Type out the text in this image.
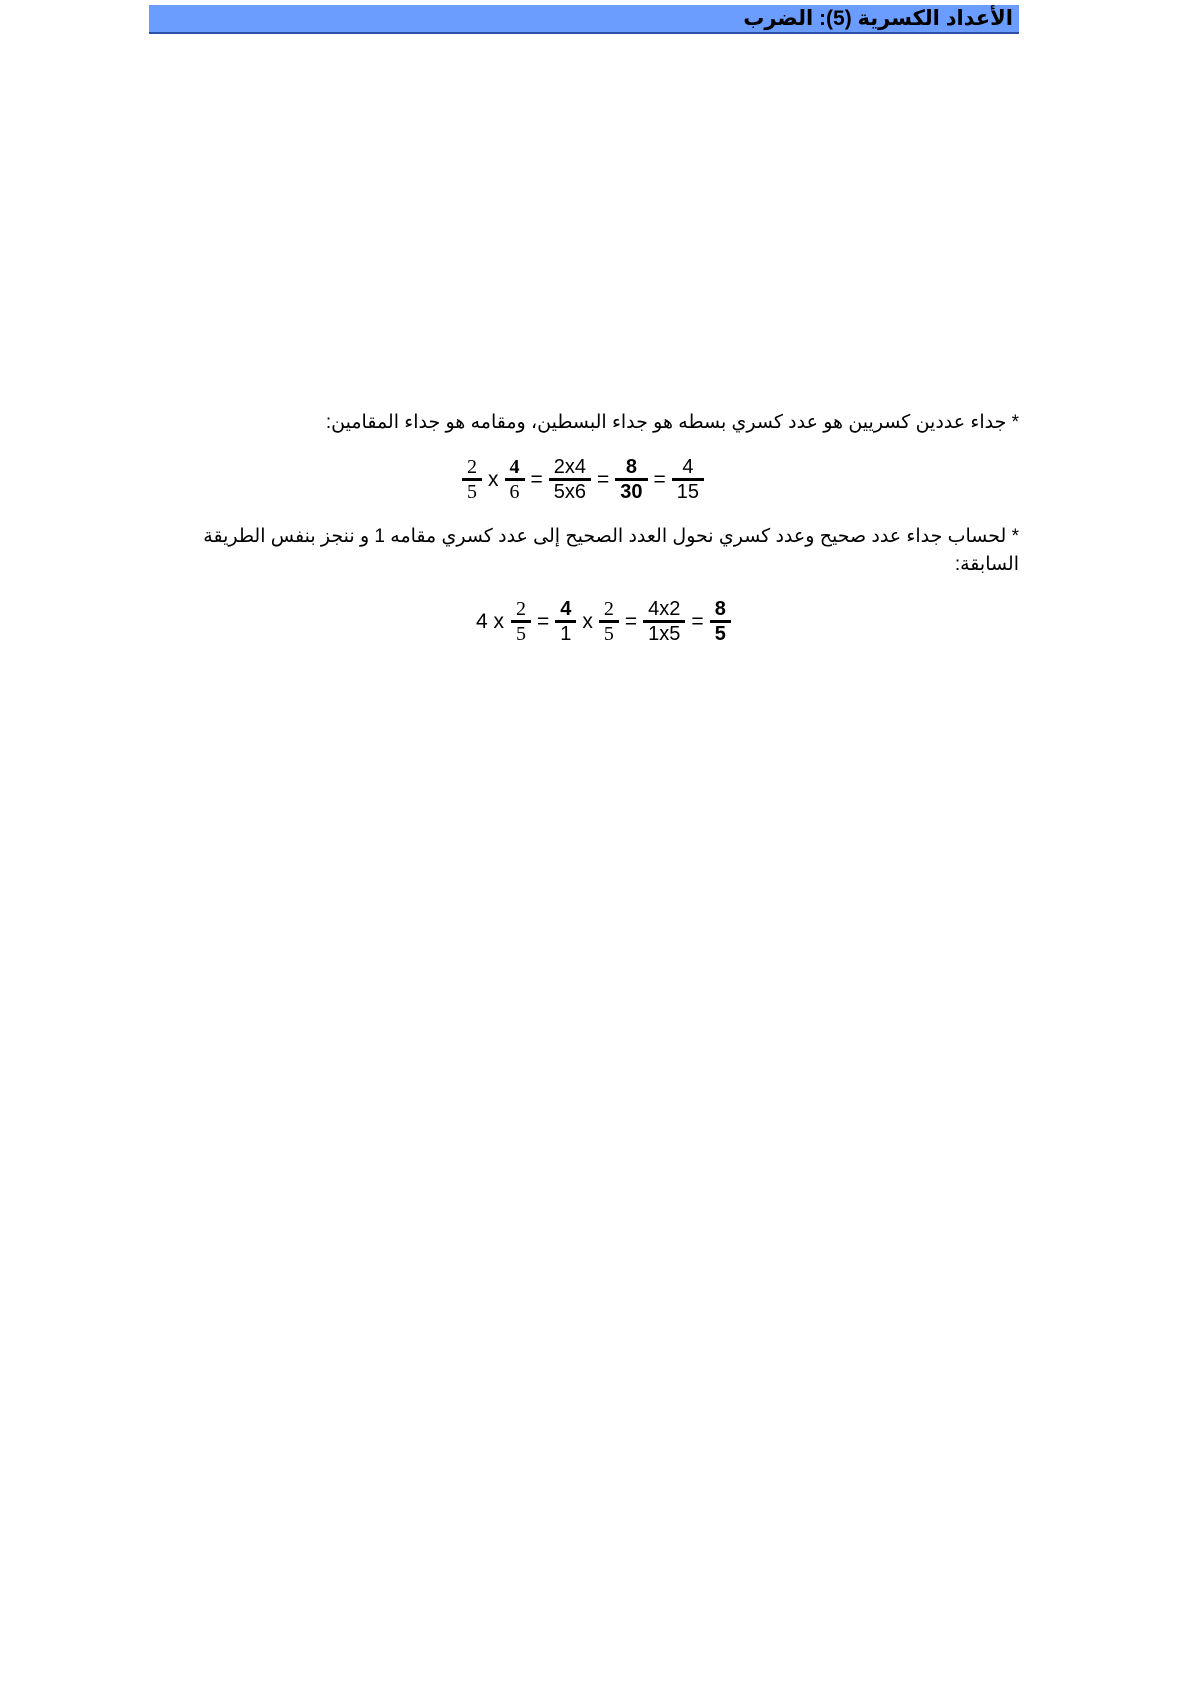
الأعداد الكسرية (5): الضرب
* جداء عددين كسريين هو عدد كسري بسطه هو جداء البسطين، ومقامه هو جداء المقامين:
$\frac{2}{5}$ x $\frac{4}{6} = \frac{2x4}{5x6} = \frac{8}{30} = \frac{4}{15}$
* لحساب جداء عدد صحيح وعدد كسري نحول العدد الصحيح إلى عدد كسري مقامه 1 و ننجز بنفس الطريقة السابقة:
4 x $\frac{2}{5} = \frac{4}{1}$ x $\frac{2}{5} = \frac{4x2}{1x5} = \frac{8}{5}$
